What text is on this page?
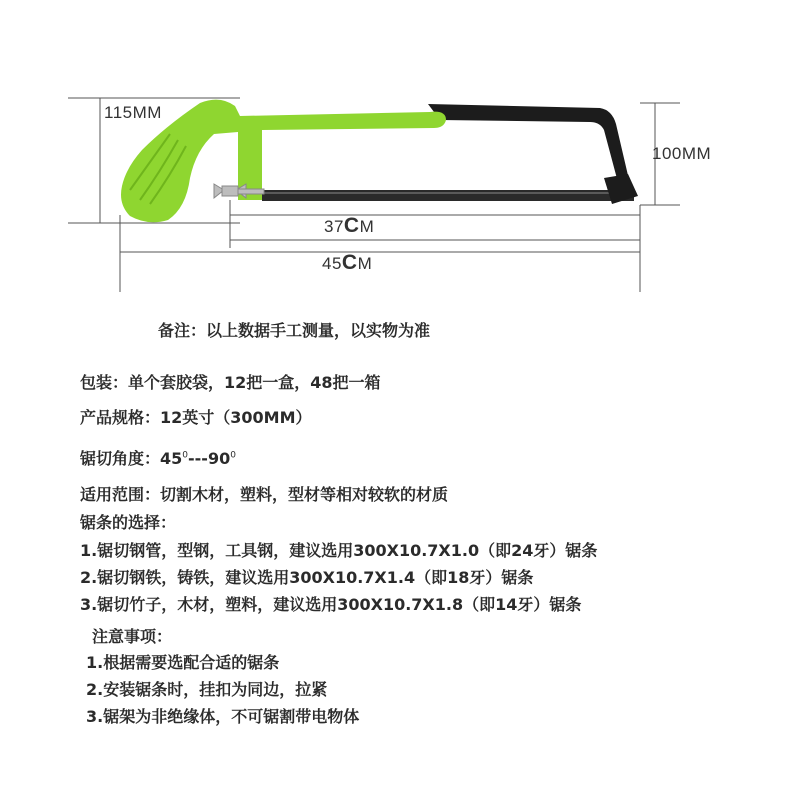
115MM
100MM
37CM
45CM
备注：以上数据手工测量，以实物为准
包装：单个套胶袋，12把一盒，48把一箱
产品规格：12英寸（300MM）
锯切角度：$45^0---90^0$
适用范围：切割木材，塑料，型材等相对较软的材质
锯条的选择：
1.锯切钢管，型钢，工具钢，建议选用300X10.7X1.0（即24牙）锯条
2.锯切钢铁，铸铁，建议选用300X10.7X1.4（即18牙）锯条
3.锯切竹子，木材，塑料，建议选用300X10.7X1.8（即14牙）锯条
注意事项：
1.根据需要选配合适的锯条
2.安装锯条时，挂扣为同边，拉紧
3.锯架为非绝缘体，不可锯割带电物体
